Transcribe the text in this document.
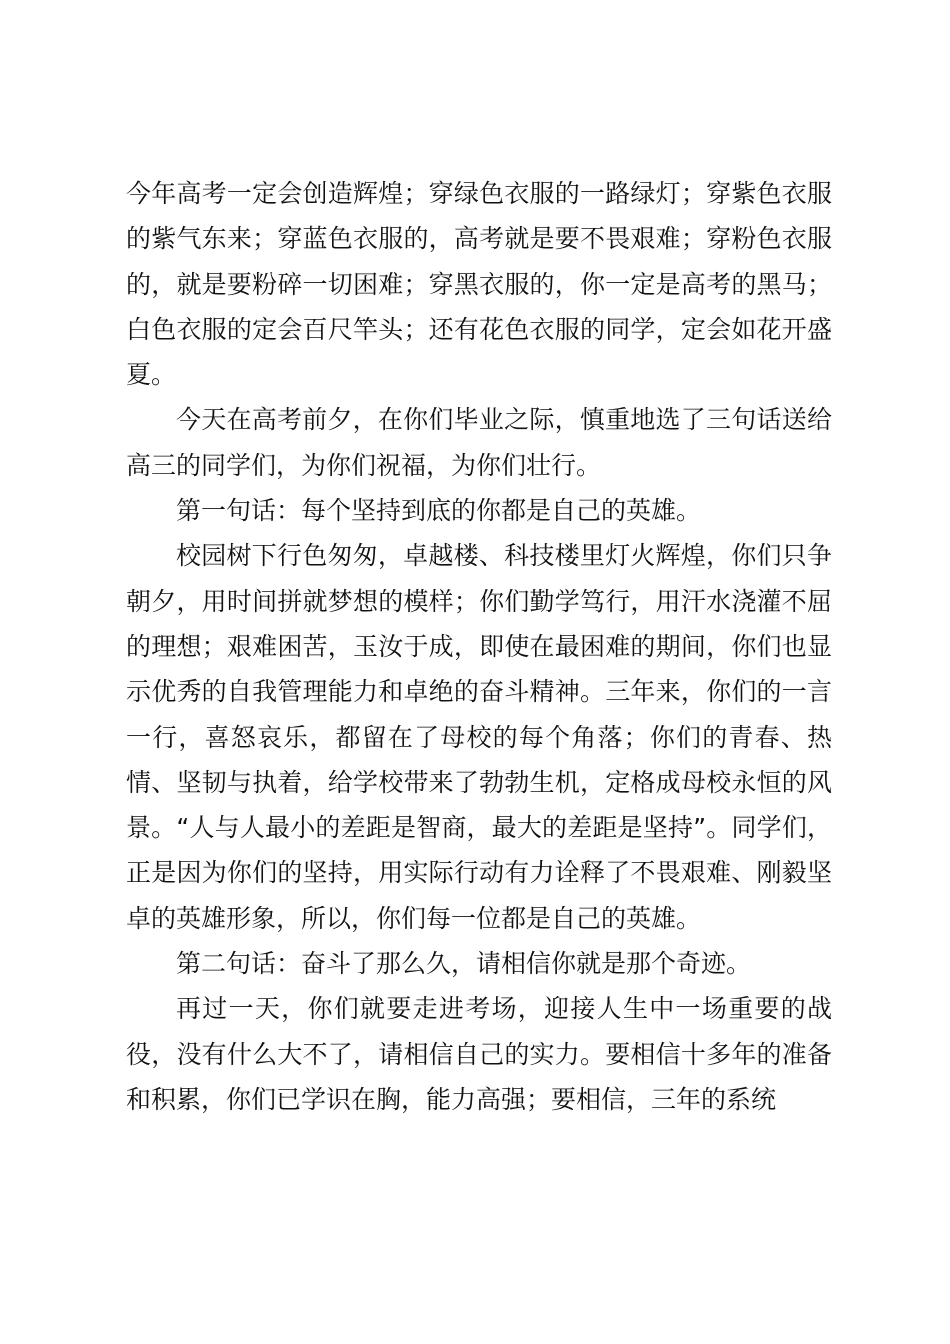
今年高考一定会创造辉煌；穿绿色衣服的一路绿灯；穿紫色衣服的紫气东来；穿蓝色衣服的，高考就是要不畏艰难；穿粉色衣服的，就是要粉碎一切困难；穿黑衣服的，你一定是高考的黑马；白色衣服的定会百尺竿头；还有花色衣服的同学，定会如花开盛夏。

今天在高考前夕，在你们毕业之际，慎重地选了三句话送给高三的同学们，为你们祝福，为你们壮行。

第一句话：每个坚持到底的你都是自己的英雄。

校园树下行色匆匆，卓越楼、科技楼里灯火辉煌，你们只争朝夕，用时间拼就梦想的模样；你们勤学笃行，用汗水浇灌不屈的理想；艰难困苦，玉汝于成，即使在最困难的期间，你们也显示优秀的自我管理能力和卓绝的奋斗精神。三年来，你们的一言一行，喜怒哀乐，都留在了母校的每个角落；你们的青春、热情、坚韧与执着，给学校带来了勃勃生机，定格成母校永恒的风景。“人与人最小的差距是智商，最大的差距是坚持”。同学们，正是因为你们的坚持，用实际行动有力诠释了不畏艰难、刚毅坚卓的英雄形象，所以，你们每一位都是自己的英雄。

第二句话：奋斗了那么久，请相信你就是那个奇迹。

再过一天，你们就要走进考场，迎接人生中一场重要的战役，没有什么大不了，请相信自己的实力。要相信十多年的准备和积累，你们已学识在胸，能力高强；要相信，三年的系统
